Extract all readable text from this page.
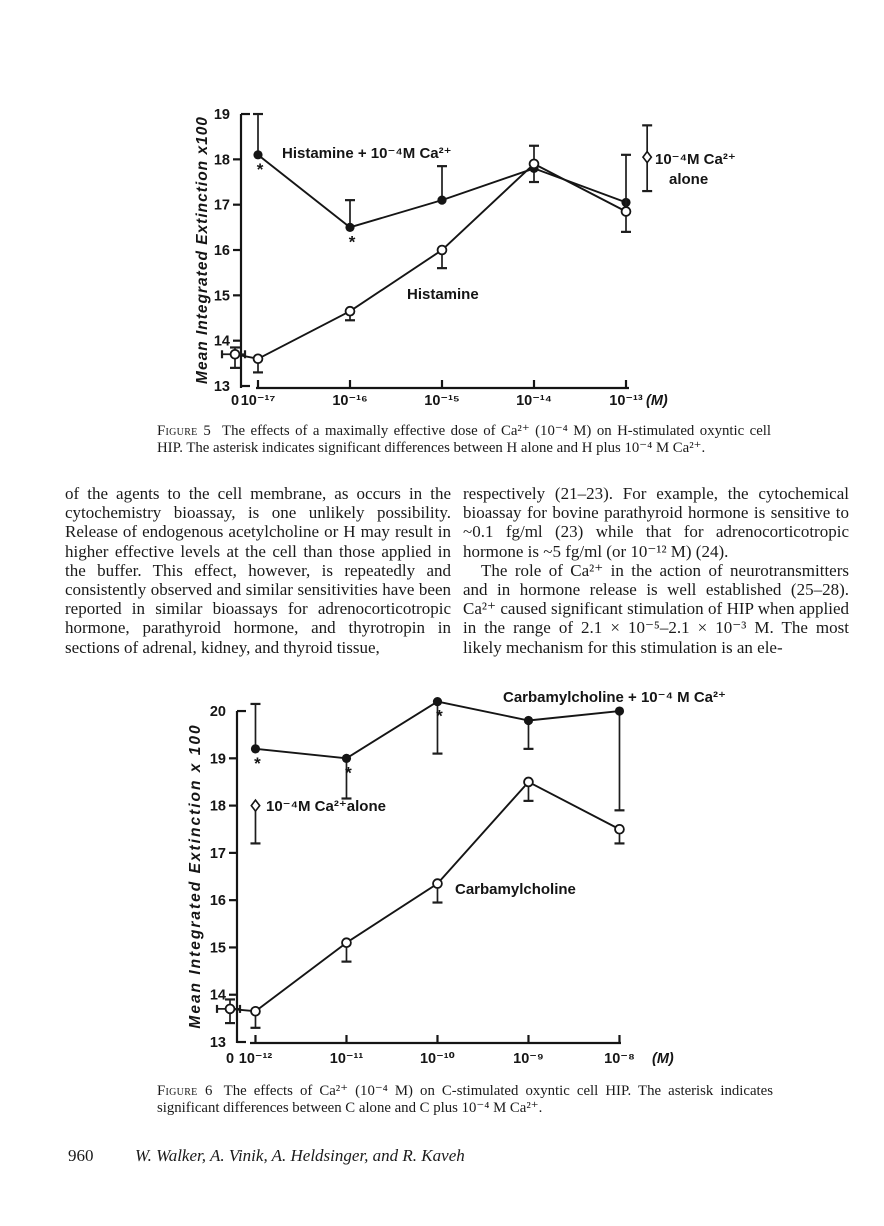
13
14
15
16
17
18
19
0 10⁻¹⁷	10⁻¹⁶	10⁻¹⁵	10⁻¹⁴	10⁻¹³ (M)
Mean Integrated Extinction x100	*
*
Histamine + 10⁻⁴M Ca²⁺
Histamine
10⁻⁴M Ca²⁺
alone
13
14
15
16
17
18
19
20
0 10⁻¹²	10⁻¹¹	10⁻¹⁰	10⁻⁹	10⁻⁸ (M)
Mean Integrated Extinction x 100	*	*
*
Carbamylcholine + 10⁻⁴ M Ca²⁺
10⁻⁴M Ca²⁺alone
Carbamylcholine
Figure 5 The effects of a maximally effective dose of Ca²⁺ (10⁻⁴ M) on H-stimulated oxyntic cell HIP. The asterisk indicates significant differences between H alone and H plus 10⁻⁴ M Ca²⁺.

of the agents to the cell membrane, as occurs in the cytochemistry bioassay, is one unlikely possibility. Release of endogenous acetylcholine or H may result in higher effective levels at the cell than those applied in the buffer. This effect, however, is repeatedly and consistently observed and similar sensitivities have been reported in similar bioassays for adrenocorticotropic hormone, parathyroid hormone, and thyrotropin in sections of adrenal, kidney, and thyroid tissue,

respectively (21–23). For example, the cytochemical bioassay for bovine parathyroid hormone is sensitive to ~0.1 fg/ml (23) while that for adrenocorticotropic hormone is ~5 fg/ml (or 10⁻¹² M) (24).

The role of Ca²⁺ in the action of neurotransmitters and in hormone release is well established (25–28). Ca²⁺ caused significant stimulation of HIP when applied in the range of 2.1 × 10⁻⁵–2.1 × 10⁻³ M. The most likely mechanism for this stimulation is an ele-

Figure 6 The effects of Ca²⁺ (10⁻⁴ M) on C-stimulated oxyntic cell HIP. The asterisk indicates significant differences between C alone and C plus 10⁻⁴ M Ca²⁺.
960 W. Walker, A. Vinik, A. Heldsinger, and R. Kaveh
